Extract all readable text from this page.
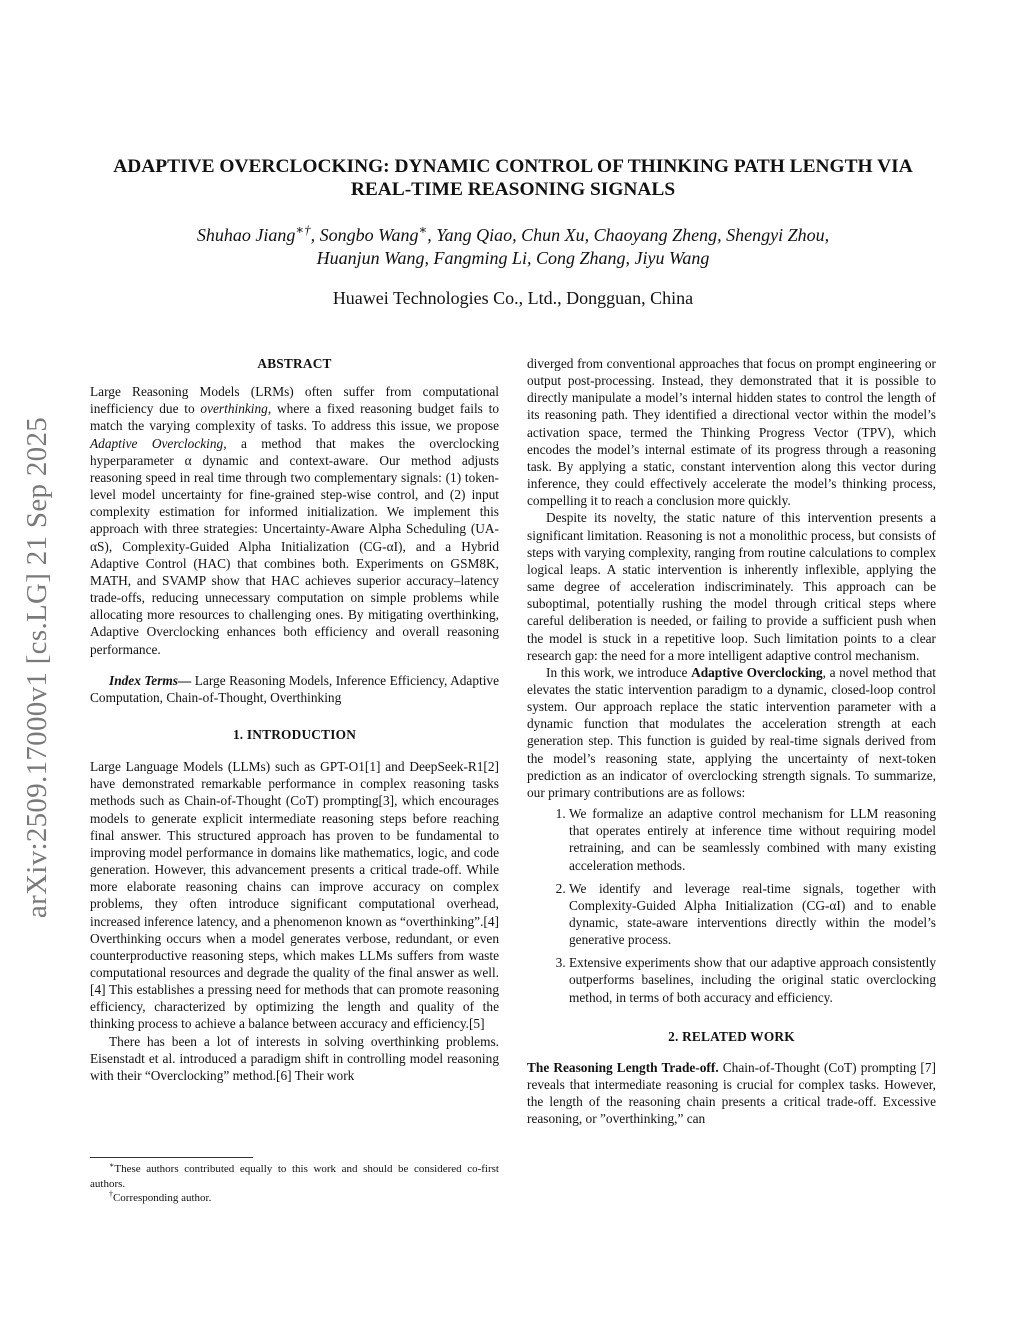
arXiv:2509.17000v1 [cs.LG] 21 Sep 2025
ADAPTIVE OVERCLOCKING: DYNAMIC CONTROL OF THINKING PATH LENGTH VIA REAL-TIME REASONING SIGNALS
Shuhao Jiang∗†, Songbo Wang∗, Yang Qiao, Chun Xu, Chaoyang Zheng, Shengyi Zhou,
Huanjun Wang, Fangming Li, Cong Zhang, Jiyu Wang
Huawei Technologies Co., Ltd., Dongguan, China
ABSTRACT

Large Reasoning Models (LRMs) often suffer from computational inefficiency due to overthinking, where a fixed reasoning budget fails to match the varying complexity of tasks. To address this issue, we propose Adaptive Overclocking, a method that makes the overclocking hyperparameter α dynamic and context-aware. Our method adjusts reasoning speed in real time through two complementary signals: (1) token-level model uncertainty for fine-grained step-wise control, and (2) input complexity estimation for informed initialization. We implement this approach with three strategies: Uncertainty-Aware Alpha Scheduling (UA-αS), Complexity-Guided Alpha Initialization (CG-αI), and a Hybrid Adaptive Control (HAC) that combines both. Experiments on GSM8K, MATH, and SVAMP show that HAC achieves superior accuracy–latency trade-offs, reducing unnecessary computation on simple problems while allocating more resources to challenging ones. By mitigating overthinking, Adaptive Overclocking enhances both efficiency and overall reasoning performance.

Index Terms— Large Reasoning Models, Inference Efficiency, Adaptive Computation, Chain-of-Thought, Overthinking

1. INTRODUCTION

Large Language Models (LLMs) such as GPT-O1[1] and DeepSeek-R1[2] have demonstrated remarkable performance in complex reasoning tasks methods such as Chain-of-Thought (CoT) prompting[3], which encourages models to generate explicit intermediate reasoning steps before reaching final answer. This structured approach has proven to be fundamental to improving model performance in domains like mathematics, logic, and code generation. However, this advancement presents a critical trade-off. While more elaborate reasoning chains can improve accuracy on complex problems, they often introduce significant computational overhead, increased inference latency, and a phenomenon known as “overthinking”.[4] Overthinking occurs when a model generates verbose, redundant, or even counterproductive reasoning steps, which makes LLMs suffers from waste computational resources and degrade the quality of the final answer as well.[4] This establishes a pressing need for methods that can promote reasoning efficiency, characterized by optimizing the length and quality of the thinking process to achieve a balance between accuracy and efficiency.[5]

There has been a lot of interests in solving overthinking problems. Eisenstadt et al. introduced a paradigm shift in controlling model reasoning with their “Overclocking” method.[6] Their work

∗These authors contributed equally to this work and should be considered co-first authors.

†Corresponding author.

diverged from conventional approaches that focus on prompt engineering or output post-processing. Instead, they demonstrated that it is possible to directly manipulate a model’s internal hidden states to control the length of its reasoning path. They identified a directional vector within the model’s activation space, termed the Thinking Progress Vector (TPV), which encodes the model’s internal estimate of its progress through a reasoning task. By applying a static, constant intervention along this vector during inference, they could effectively accelerate the model’s thinking process, compelling it to reach a conclusion more quickly.

Despite its novelty, the static nature of this intervention presents a significant limitation. Reasoning is not a monolithic process, but consists of steps with varying complexity, ranging from routine calculations to complex logical leaps. A static intervention is inherently inflexible, applying the same degree of acceleration indiscriminately. This approach can be suboptimal, potentially rushing the model through critical steps where careful deliberation is needed, or failing to provide a sufficient push when the model is stuck in a repetitive loop. Such limitation points to a clear research gap: the need for a more intelligent adaptive control mechanism.

In this work, we introduce Adaptive Overclocking, a novel method that elevates the static intervention paradigm to a dynamic, closed-loop control system. Our approach replace the static intervention parameter with a dynamic function that modulates the acceleration strength at each generation step. This function is guided by real-time signals derived from the model’s reasoning state, applying the uncertainty of next-token prediction as an indicator of overclocking strength signals. To summarize, our primary contributions are as follows:

1. We formalize an adaptive control mechanism for LLM reasoning that operates entirely at inference time without requiring model retraining, and can be seamlessly combined with many existing acceleration methods.
2. We identify and leverage real-time signals, together with Complexity-Guided Alpha Initialization (CG-αI) and to enable dynamic, state-aware interventions directly within the model’s generative process.
3. Extensive experiments show that our adaptive approach consistently outperforms baselines, including the original static overclocking method, in terms of both accuracy and efficiency.
2. RELATED WORK

The Reasoning Length Trade-off. Chain-of-Thought (CoT) prompting [7] reveals that intermediate reasoning is crucial for complex tasks. However, the length of the reasoning chain presents a critical trade-off. Excessive reasoning, or ”overthinking,” can
